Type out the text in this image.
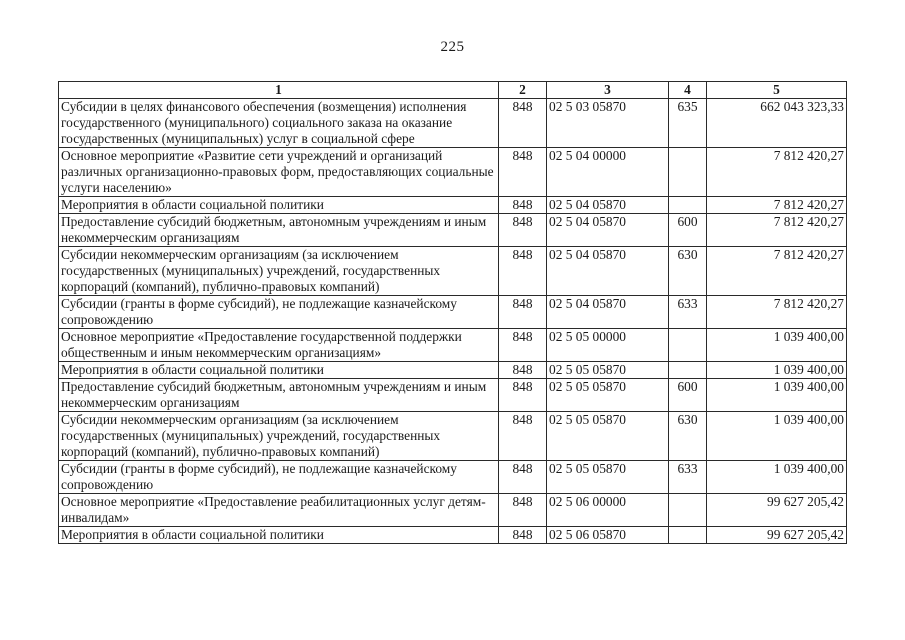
225
1	2	3	4	5
Субсидии в целях финансового обеспечения (возмещения) исполнения государственного (муниципального) социального заказа на оказание государственных (муниципальных) услуг в социальной сфере	848	02 5 03 05870	635	662 043 323,33
Основное мероприятие «Развитие сети учреждений и организаций различных организационно-правовых форм, предоставляющих социальные услуги населению»	848	02 5 04 00000		7 812 420,27
Мероприятия в области социальной политики	848	02 5 04 05870		7 812 420,27
Предоставление субсидий бюджетным, автономным учреждениям и иным некоммерческим организациям	848	02 5 04 05870	600	7 812 420,27
Субсидии некоммерческим организациям (за исключением государственных (муниципальных) учреждений, государственных корпораций (компаний), публично-правовых компаний)	848	02 5 04 05870	630	7 812 420,27
Субсидии (гранты в форме субсидий), не подлежащие казначейскому сопровождению	848	02 5 04 05870	633	7 812 420,27
Основное мероприятие «Предоставление государственной поддержки общественным и иным некоммерческим организациям»	848	02 5 05 00000		1 039 400,00
Мероприятия в области социальной политики	848	02 5 05 05870		1 039 400,00
Предоставление субсидий бюджетным, автономным учреждениям и иным некоммерческим организациям	848	02 5 05 05870	600	1 039 400,00
Субсидии некоммерческим организациям (за исключением государственных (муниципальных) учреждений, государственных корпораций (компаний), публично-правовых компаний)	848	02 5 05 05870	630	1 039 400,00
Субсидии (гранты в форме субсидий), не подлежащие казначейскому сопровождению	848	02 5 05 05870	633	1 039 400,00
Основное мероприятие «Предоставление реабилитационных услуг детям-инвалидам»	848	02 5 06 00000		99 627 205,42
Мероприятия в области социальной политики	848	02 5 06 05870		99 627 205,42
